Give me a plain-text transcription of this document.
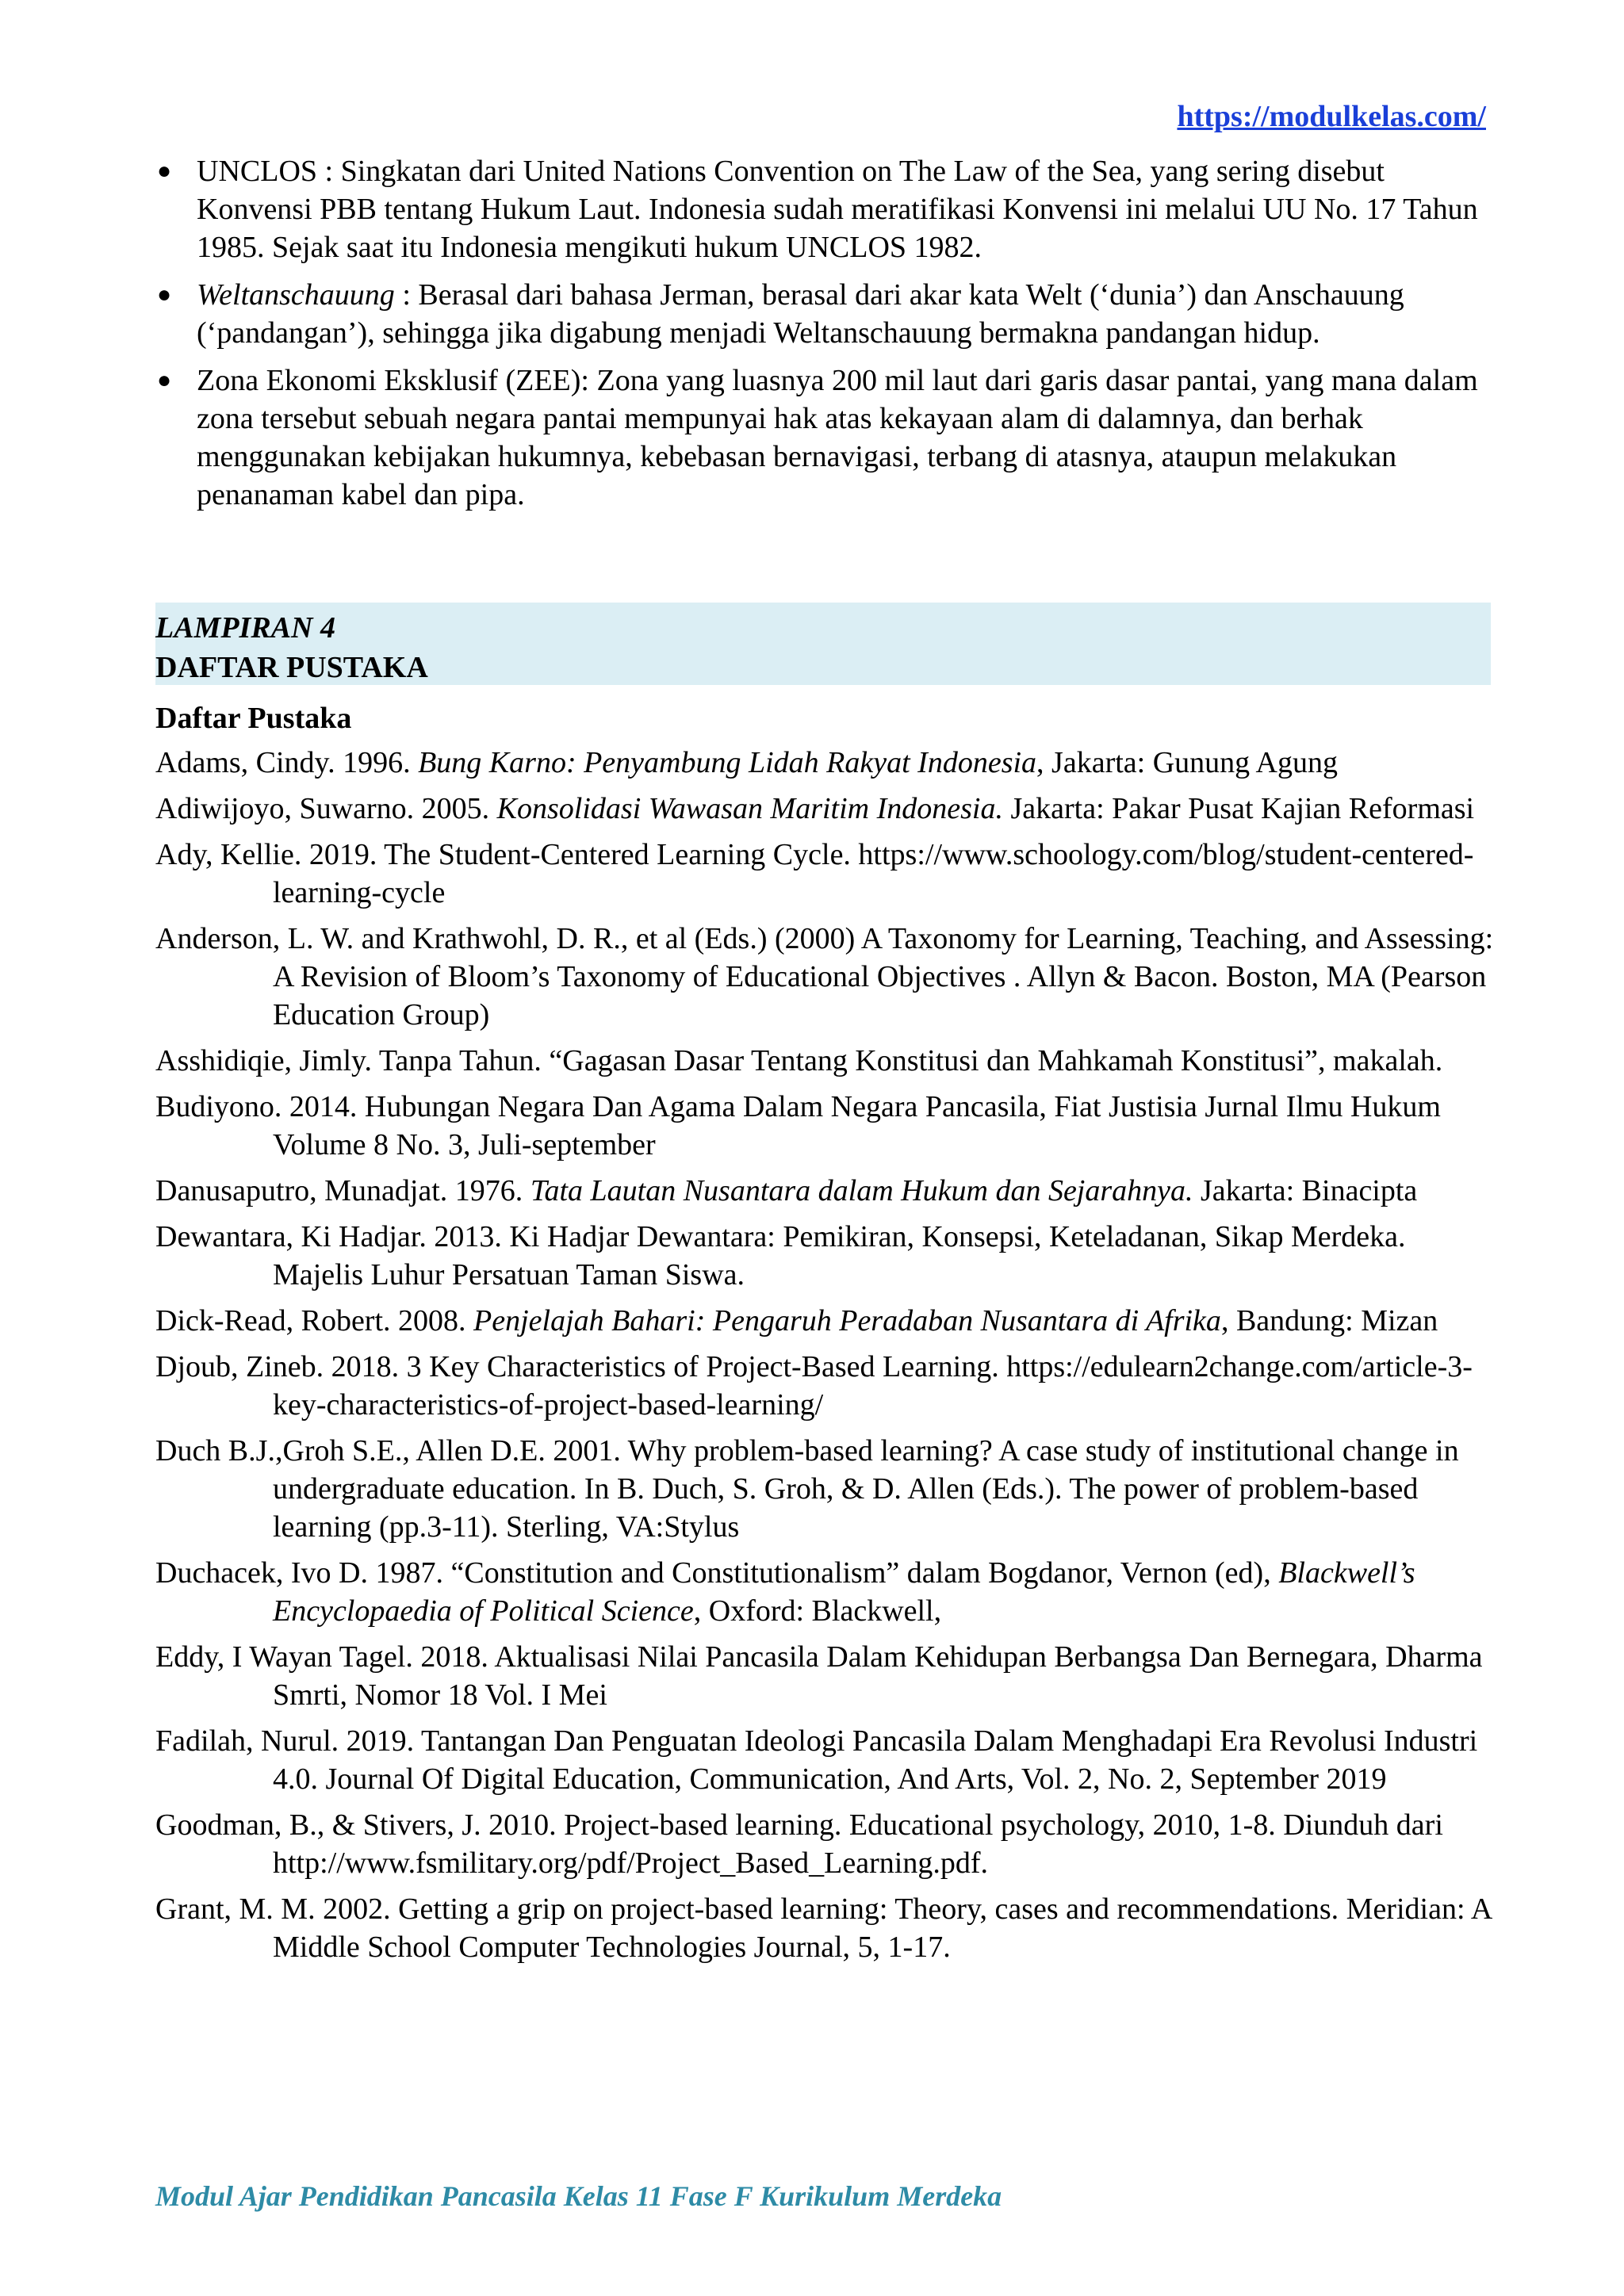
https://modulkelas.com/
● UNCLOS : Singkatan dari United Nations Convention on The Law of the Sea, yang sering disebut Konvensi PBB tentang Hukum Laut. Indonesia sudah meratifikasi Konvensi ini melalui UU No. 17 Tahun 1985. Sejak saat itu Indonesia mengikuti hukum UNCLOS 1982.
● Weltanschauung : Berasal dari bahasa Jerman, berasal dari akar kata Welt (‘dunia’) dan Anschauung (‘pandangan’), sehingga jika digabung menjadi Weltanschauung bermakna pandangan hidup.
● Zona Ekonomi Eksklusif (ZEE): Zona yang luasnya 200 mil laut dari garis dasar pantai, yang mana dalam zona tersebut sebuah negara pantai mempunyai hak atas kekayaan alam di dalamnya, dan berhak menggunakan kebijakan hukumnya, kebebasan bernavigasi, terbang di atasnya, ataupun melakukan penanaman kabel dan pipa.
LAMPIRAN 4
DAFTAR PUSTAKA
Daftar Pustaka
Adams, Cindy. 1996. Bung Karno: Penyambung Lidah Rakyat Indonesia, Jakarta: Gunung Agung
Adiwijoyo, Suwarno. 2005. Konsolidasi Wawasan Maritim Indonesia. Jakarta: Pakar Pusat Kajian Reformasi
Ady, Kellie. 2019. The Student-Centered Learning Cycle. https://www.schoology.com/blog/student-centered-learning-cycle
Anderson, L. W. and Krathwohl, D. R., et al (Eds.) (2000) A Taxonomy for Learning, Teaching, and Assessing: A Revision of Bloom’s Taxonomy of Educational Objectives . Allyn & Bacon. Boston, MA (Pearson Education Group)
Asshidiqie, Jimly. Tanpa Tahun. “Gagasan Dasar Tentang Konstitusi dan Mahkamah Konstitusi”, makalah.
Budiyono. 2014. Hubungan Negara Dan Agama Dalam Negara Pancasila, Fiat Justisia Jurnal Ilmu Hukum Volume 8 No. 3, Juli-september
Danusaputro, Munadjat. 1976. Tata Lautan Nusantara dalam Hukum dan Sejarahnya. Jakarta: Binacipta
Dewantara, Ki Hadjar. 2013. Ki Hadjar Dewantara: Pemikiran, Konsepsi, Keteladanan, Sikap Merdeka. Majelis Luhur Persatuan Taman Siswa.
Dick-Read, Robert. 2008. Penjelajah Bahari: Pengaruh Peradaban Nusantara di Afrika, Bandung: Mizan
Djoub, Zineb. 2018. 3 Key Characteristics of Project-Based Learning. https://edulearn2change.com/article-3-key-characteristics-of-project-based-learning/
Duch B.J.,Groh S.E., Allen D.E. 2001. Why problem-based learning? A case study of institutional change in undergraduate education. In B. Duch, S. Groh, & D. Allen (Eds.). The power of problem-based learning (pp.3-11). Sterling, VA:Stylus
Duchacek, Ivo D. 1987. “Constitution and Constitutionalism” dalam Bogdanor, Vernon (ed), Blackwell’s Encyclopaedia of Political Science, Oxford: Blackwell,
Eddy, I Wayan Tagel. 2018. Aktualisasi Nilai Pancasila Dalam Kehidupan Berbangsa Dan Bernegara, Dharma Smrti, Nomor 18 Vol. I Mei
Fadilah, Nurul. 2019. Tantangan Dan Penguatan Ideologi Pancasila Dalam Menghadapi Era Revolusi Industri 4.0. Journal Of Digital Education, Communication, And Arts, Vol. 2, No. 2, September 2019
Goodman, B., & Stivers, J. 2010. Project-based learning. Educational psychology, 2010, 1-8. Diunduh dari http://www.fsmilitary.org/pdf/Project_Based_Learning.pdf.
Grant, M. M. 2002. Getting a grip on project-based learning: Theory, cases and recommendations. Meridian: A Middle School Computer Technologies Journal, 5, 1-17.
Modul Ajar Pendidikan Pancasila Kelas 11 Fase F Kurikulum Merdeka
